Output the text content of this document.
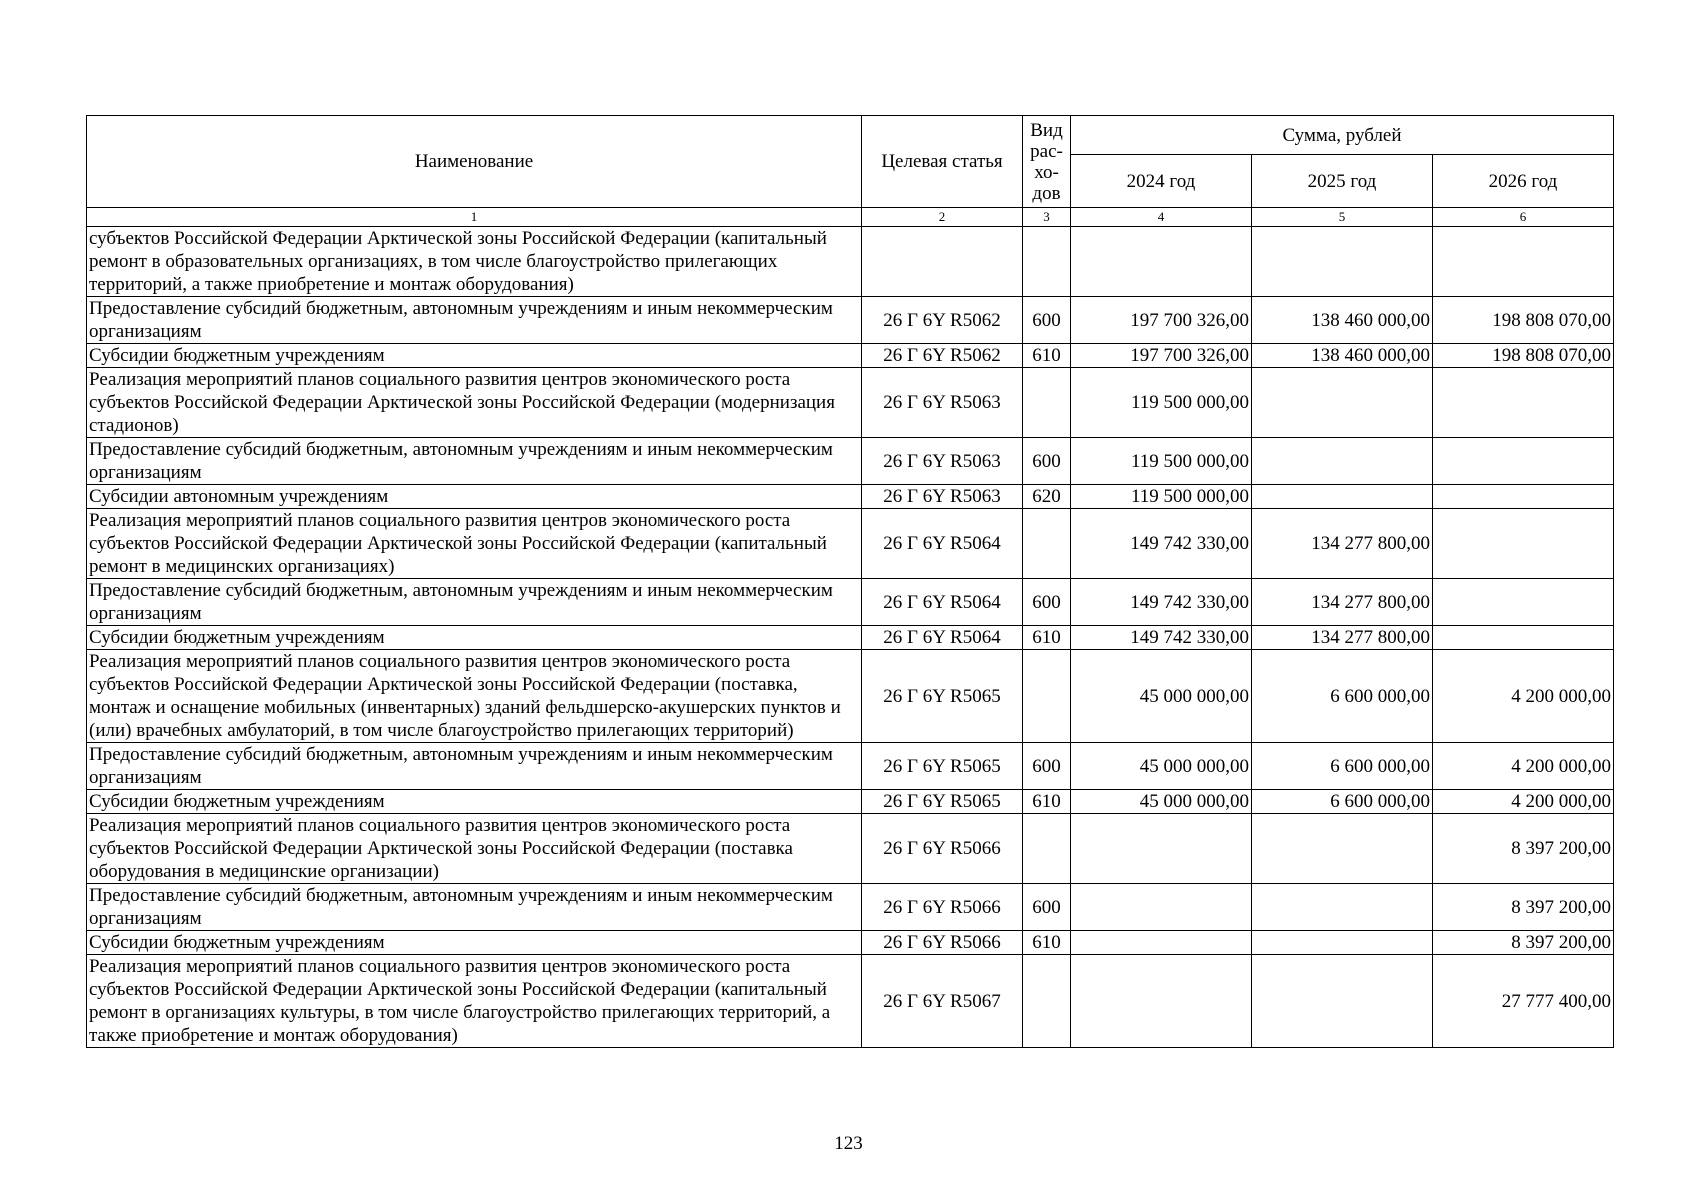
Наименование	Целевая статья	Вид рас- хо- дов	Сумма, рублей		
			2024 год	2025 год	2026 год
1	2	3	4	5	6
субъектов Российской Федерации Арктической зоны Российской Федерации (капитальный ремонт в образовательных организациях, в том числе благоустройство прилегающих территорий, а также приобретение и монтаж оборудования)					
Предоставление субсидий бюджетным, автономным учреждениям и иным некоммерческим организациям	26 Г 6Y R5062	600	197 700 326,00	138 460 000,00	198 808 070,00
Субсидии бюджетным учреждениям	26 Г 6Y R5062	610	197 700 326,00	138 460 000,00	198 808 070,00
Реализация мероприятий планов социального развития центров экономического роста субъектов Российской Федерации Арктической зоны Российской Федерации (модернизация стадионов)	26 Г 6Y R5063		119 500 000,00		
Предоставление субсидий бюджетным, автономным учреждениям и иным некоммерческим организациям	26 Г 6Y R5063	600	119 500 000,00		
Субсидии автономным учреждениям	26 Г 6Y R5063	620	119 500 000,00		
Реализация мероприятий планов социального развития центров экономического роста субъектов Российской Федерации Арктической зоны Российской Федерации (капитальный ремонт в медицинских организациях)	26 Г 6Y R5064		149 742 330,00	134 277 800,00	
Предоставление субсидий бюджетным, автономным учреждениям и иным некоммерческим организациям	26 Г 6Y R5064	600	149 742 330,00	134 277 800,00	
Субсидии бюджетным учреждениям	26 Г 6Y R5064	610	149 742 330,00	134 277 800,00	
Реализация мероприятий планов социального развития центров экономического роста субъектов Российской Федерации Арктической зоны Российской Федерации (поставка, монтаж и оснащение мобильных (инвентарных) зданий фельдшерско-акушерских пунктов и (или) врачебных амбулаторий, в том числе благоустройство прилегающих территорий)	26 Г 6Y R5065		45 000 000,00	6 600 000,00	4 200 000,00
Предоставление субсидий бюджетным, автономным учреждениям и иным некоммерческим организациям	26 Г 6Y R5065	600	45 000 000,00	6 600 000,00	4 200 000,00
Субсидии бюджетным учреждениям	26 Г 6Y R5065	610	45 000 000,00	6 600 000,00	4 200 000,00
Реализация мероприятий планов социального развития центров экономического роста субъектов Российской Федерации Арктической зоны Российской Федерации (поставка оборудования в медицинские организации)	26 Г 6Y R5066				8 397 200,00
Предоставление субсидий бюджетным, автономным учреждениям и иным некоммерческим организациям	26 Г 6Y R5066	600			8 397 200,00
Субсидии бюджетным учреждениям	26 Г 6Y R5066	610			8 397 200,00
Реализация мероприятий планов социального развития центров экономического роста субъектов Российской Федерации Арктической зоны Российской Федерации (капитальный ремонт в организациях культуры, в том числе благоустройство прилегающих территорий, а также приобретение и монтаж оборудования)	26 Г 6Y R5067				27 777 400,00
123
